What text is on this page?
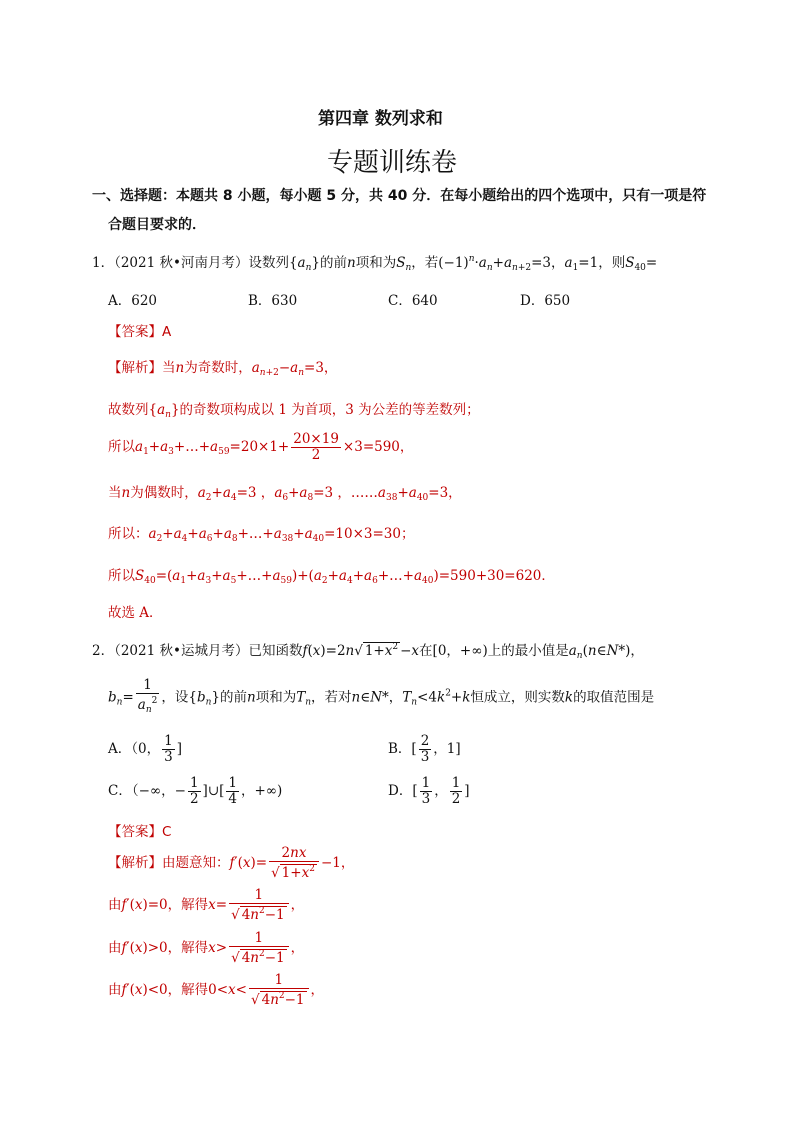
第四章 数列求和
专题训练卷
一、选择题：本题共 8 小题，每小题 5 分，共 40 分．在每小题给出的四个选项中，只有一项是符
合题目要求的．
1．（2021 秋•河南月考）设数列$\{a_n\}$的前n项和为$S_n$，若$(-1)^n\cdot a_n+a_{n+2}=3$，$a_1=1$，则$S_{40}=$
A．620	B．630	C．640	D．650
【答案】A
【解析】当n为奇数时，$a_{n+2}-a_n=3$，
故数列$\{a_n\}$的奇数项构成以 1 为首项，3 为公差的等差数列；
所以$a_1+a_3+\dots+a_{59}=20\times 1+ \frac{20\times 19}{2} \times 3=590$，
当n为偶数时，$a_2+a_4=3$ ，$a_6+a_8=3$ ，$\dots\dots a_{38}+a_{40}=3$，
所以：$a_2+a_4+a_6+a_8+\dots+a_{38}+a_{40}=10\times 3=30$；
所以$S_{40}=(a_1+a_3+a_5+\dots+a_{59})+(a_2+a_4+a_6+\dots+a_{40})=590+30=620$．
故选 A．
2．（2021 秋•运城月考）已知函数f(x)=2n√ $1+x^2 -x$在[0，+∞)上的最小值是$a_n(n\in N*)$，
$b_n= \frac{1}{a_n^2}$ ，设$\{b_n\}$的前n项和为$T_n$，若对n∈N*，$T_n<4k^2+k$恒成立，则实数k的取值范围是
A．（0， $\frac{1}{3}$ ]	B．[ $\frac{2}{3}$ ，1]
C．（−∞，− $\frac{1}{2}$ ]∪[ $\frac{1}{4}$ ，+∞)	D．[ $\frac{1}{3}$ ， $\frac{1}{2}$ ]
【答案】C
【解析】由题意知：$f'(x)= \frac{2nx}{√ 1+x^2} -1$，
由f′(x)=0，解得$x= \frac{1}{√ 4n^2-1}$ ，
由f′(x)>0，解得$x> \frac{1}{√ 4n^2-1}$ ，
由f′(x)<0，解得$0<x< \frac{1}{√ 4n^2-1}$ ，
